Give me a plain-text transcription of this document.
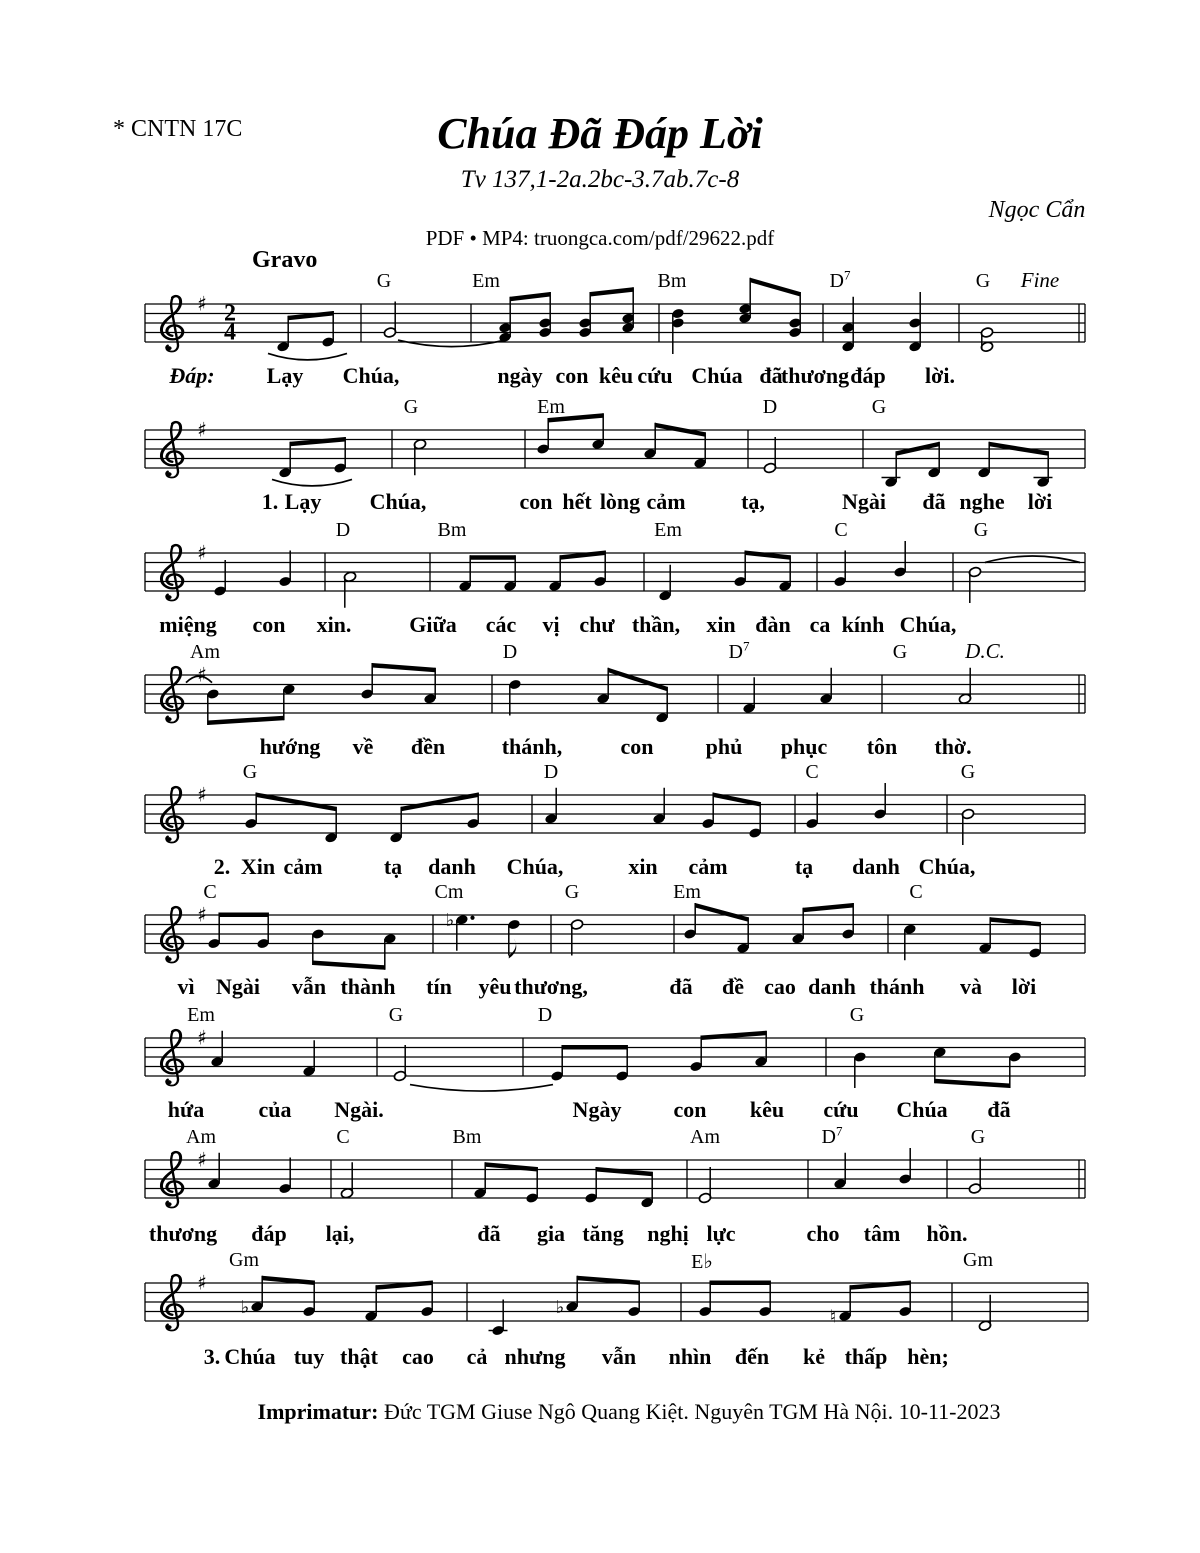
♯ 2
4
♯
♯
♯
♯
♯	♭
♯
♯
♯
♭	♭	♮
* CNTN 17C	Chúa Đã Đáp Lời
Tv 137,1-2a.2bc-3.7ab.7c-8
Ngọc Cẩn
PDF • MP4: truongca.com/pdf/29622.pdf
Gravo
Imprimatur: Đức TGM Giuse Ngô Quang Kiệt. Nguyên TGM Hà Nội. 10-11-2023
G	Em	Bm	$D^7$	G Fine
Đáp: Lạy Chúa,	ngày con kêu cứu Chúa đã
thương đáp lời.
G	Em	D	G
1. Lạy Chúa,	con hết lòng cảm	tạ,	Ngài đã nghe lời
D	Bm	Em	C	G
miệng con xin.	Giữa các vị chư thần, xin đàn ca kính Chúa,
Am	D	$D^7$	G	D.C.
hướng về đền	thánh,	con phủ phục tôn thờ.
G	D	C	G
2. Xin cảm	tạ danh Chúa,	xin cảm	tạ danh Chúa,
C	Cm	G	Em	C
vì Ngài vẫn thành tín yêu thương,	đã đề cao danh thánh và lời
Em	G	D	G
hứa của Ngài.	Ngày con kêu cứu Chúa đã
Am	C	Bm	Am	$D^7$	G
thương đáp lại,	đã gia tăng nghị lực	cho tâm hồn.
Gm	E♭	Gm
3. Chúa tuy thật cao cả nhưng vẫn nhìn đến kẻ thấp hèn;
